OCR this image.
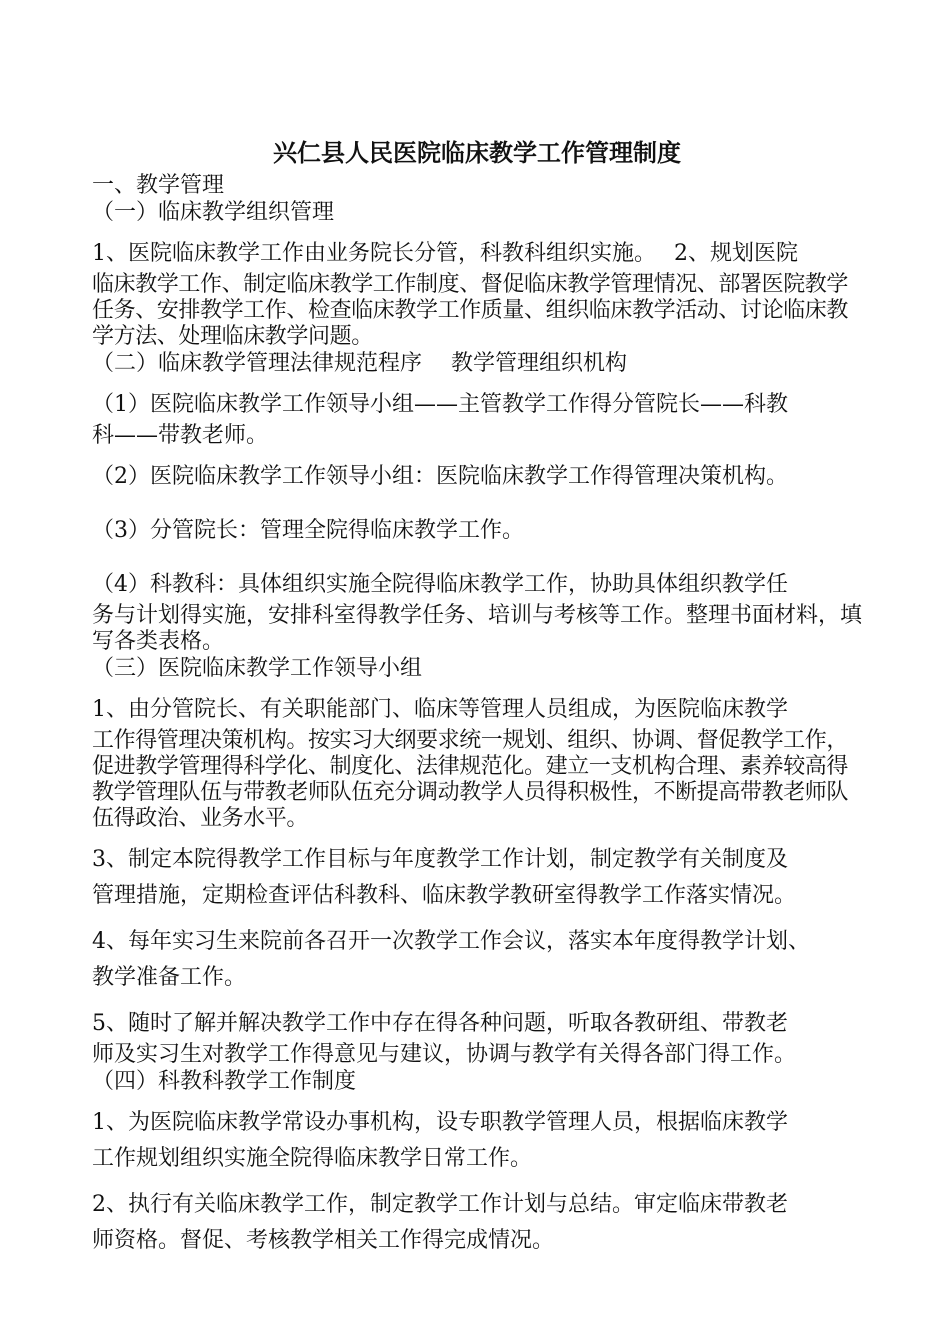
兴仁县人民医院临床教学工作管理制度
一、教学管理
（一）临床教学组织管理
1、医院临床教学工作由业务院长分管，科教科组织实施。　 2、规划医院
临床教学工作、制定临床教学工作制度、督促临床教学管理情况、部署医院教学任务、安排教学工作、检查临床教学工作质量、组织临床教学活动、讨论临床教学方法、处理临床教学问题。
（二）临床教学管理法律规范程序　 教学管理组织机构
（1）医院临床教学工作领导小组——主管教学工作得分管院长——科教
科——带教老师。
（2）医院临床教学工作领导小组：医院临床教学工作得管理决策机构。
（3）分管院长：管理全院得临床教学工作。
（4）科教科：具体组织实施全院得临床教学工作，协助具体组织教学任
务与计划得实施，安排科室得教学任务、培训与考核等工作。整理书面材料，填写各类表格。
（三）医院临床教学工作领导小组
1、由分管院长、有关职能部门、临床等管理人员组成，为医院临床教学
工作得管理决策机构。按实习大纲要求统一规划、组织、协调、督促教学工作，促进教学管理得科学化、制度化、法律规范化。建立一支机构合理、素养较高得教学管理队伍与带教老师队伍充分调动教学人员得积极性，不断提高带教老师队伍得政治、业务水平。
3、制定本院得教学工作目标与年度教学工作计划，制定教学有关制度及
管理措施，定期检查评估科教科、临床教学教研室得教学工作落实情况。
4、每年实习生来院前各召开一次教学工作会议，落实本年度得教学计划、
教学准备工作。
5、随时了解并解决教学工作中存在得各种问题，听取各教研组、带教老
师及实习生对教学工作得意见与建议，协调与教学有关得各部门得工作。
（四）科教科教学工作制度
1、为医院临床教学常设办事机构，设专职教学管理人员，根据临床教学
工作规划组织实施全院得临床教学日常工作。
2、执行有关临床教学工作，制定教学工作计划与总结。审定临床带教老
师资格。督促、考核教学相关工作得完成情况。
